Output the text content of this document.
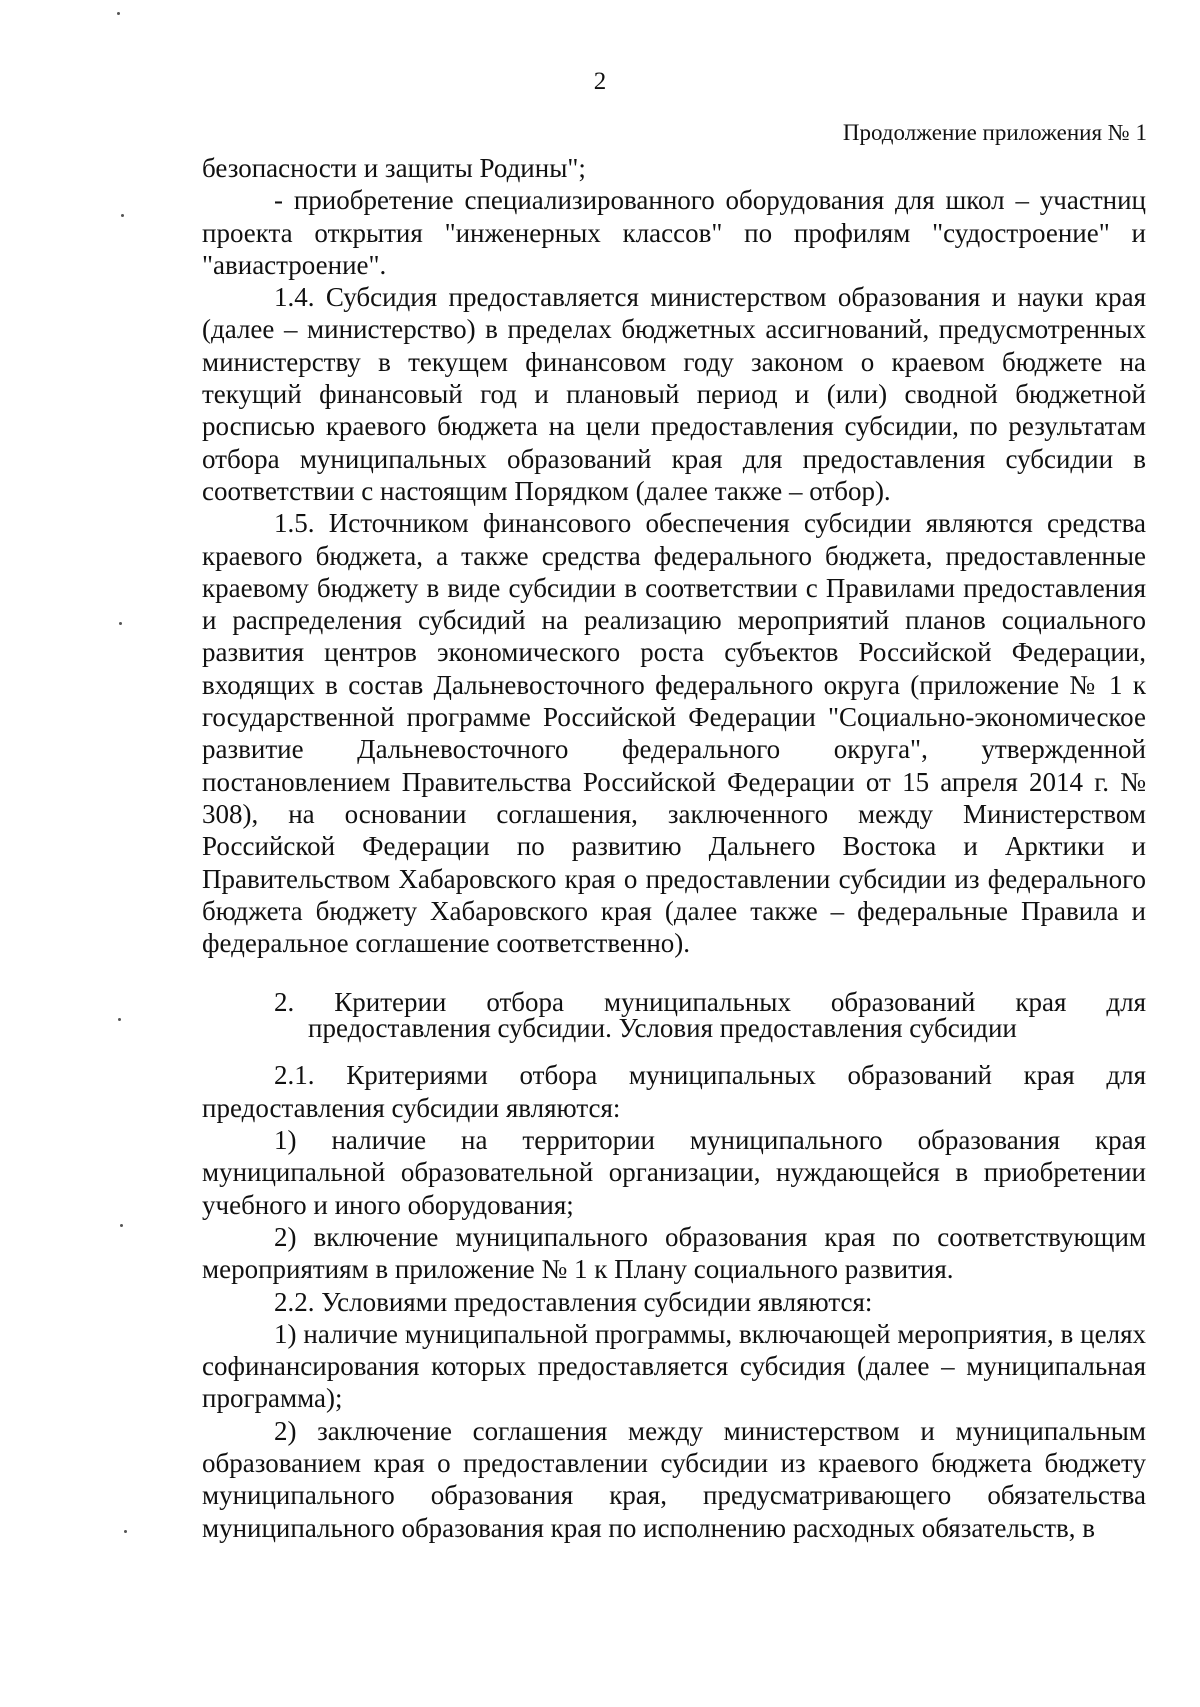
2
Продолжение приложения № 1

безопасности и защиты Родины";

- приобретение специализированного оборудования для школ – участниц проекта открытия "инженерных классов" по профилям "судостроение" и "авиастроение".

1.4. Субсидия предоставляется министерством образования и науки края (далее – министерство) в пределах бюджетных ассигнований, предусмотренных министерству в текущем финансовом году законом о краевом бюджете на текущий финансовый год и плановый период и (или) сводной бюджетной росписью краевого бюджета на цели предоставления субсидии, по результатам отбора муниципальных образований края для предоставления субсидии в соответствии с настоящим Порядком (далее также – отбор).

1.5. Источником финансового обеспечения субсидии являются средства краевого бюджета, а также средства федерального бюджета, предоставленные краевому бюджету в виде субсидии в соответствии с Правилами предоставления и распределения субсидий на реализацию мероприятий планов социального развития центров экономического роста субъектов Российской Федерации, входящих в состав Дальневосточного федерального округа (приложение № 1 к государственной программе Российской Федерации "Социально-экономическое развитие Дальневосточного федерального округа", утвержденной постановлением Правительства Российской Федерации от 15 апреля 2014 г. № 308), на основании соглашения, заключенного между Министерством Российской Федерации по развитию Дальнего Востока и Арктики и Правительством Хабаровского края о предоставлении субсидии из федерального бюджета бюджету Хабаровского края (далее также – федеральные Правила и федеральное соглашение соответственно).

2. Критерии отбора муниципальных образований края для
предоставления субсидии. Условия предоставления субсидии

2.1. Критериями отбора муниципальных образований края для предоставления субсидии являются:

1) наличие на территории муниципального образования края муниципальной образовательной организации, нуждающейся в приобретении учебного и иного оборудования;

2) включение муниципального образования края по соответствующим мероприятиям в приложение № 1 к Плану социального развития.

2.2. Условиями предоставления субсидии являются:

1) наличие муниципальной программы, включающей мероприятия, в целях софинансирования которых предоставляется субсидия (далее – муниципальная программа);

2) заключение соглашения между министерством и муниципальным образованием края о предоставлении субсидии из краевого бюджета бюджету муниципального образования края, предусматривающего обязательства муниципального образования края по исполнению расходных обязательств, в
